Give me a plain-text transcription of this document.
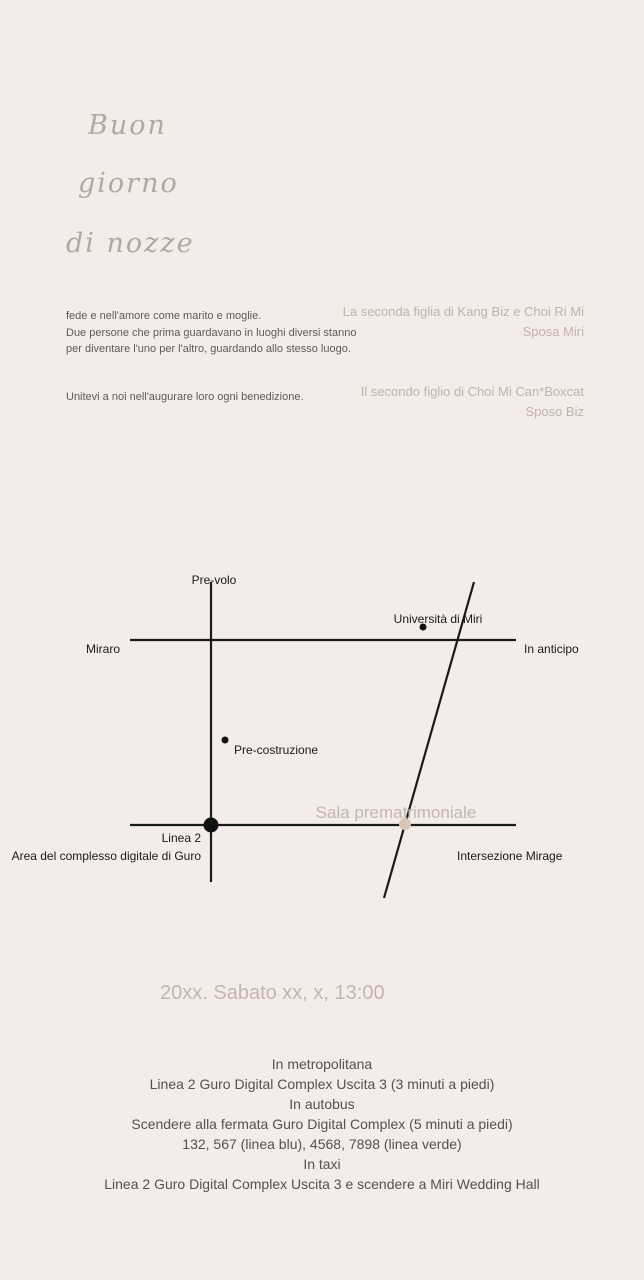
Buon

giorno

di nozze

fede e nell'amore come marito e moglie.
Due persone che prima guardavano in luoghi diversi stanno
per diventare l'uno per l'altro, guardando allo stesso luogo.

Unitevi a noi nell'augurare loro ogni benedizione.

La seconda figlia di Kang Biz e Choi Ri Mi
Sposa Miri
Il secondo figlio di Choi Mi Can*Boxcat
Sposo Biz
Pre-volo
Università di Miri
Miraro	In anticipo
Pre-costruzione
Sala prematrimoniale
Linea 2
Area del complesso digitale di Guro	Intersezione Mirage

20xx. Sabato xx, x, 13:00

In metropolitana
Linea 2 Guro Digital Complex Uscita 3 (3 minuti a piedi)
In autobus
Scendere alla fermata Guro Digital Complex (5 minuti a piedi)
132, 567 (linea blu), 4568, 7898 (linea verde)
In taxi
Linea 2 Guro Digital Complex Uscita 3 e scendere a Miri Wedding Hall
